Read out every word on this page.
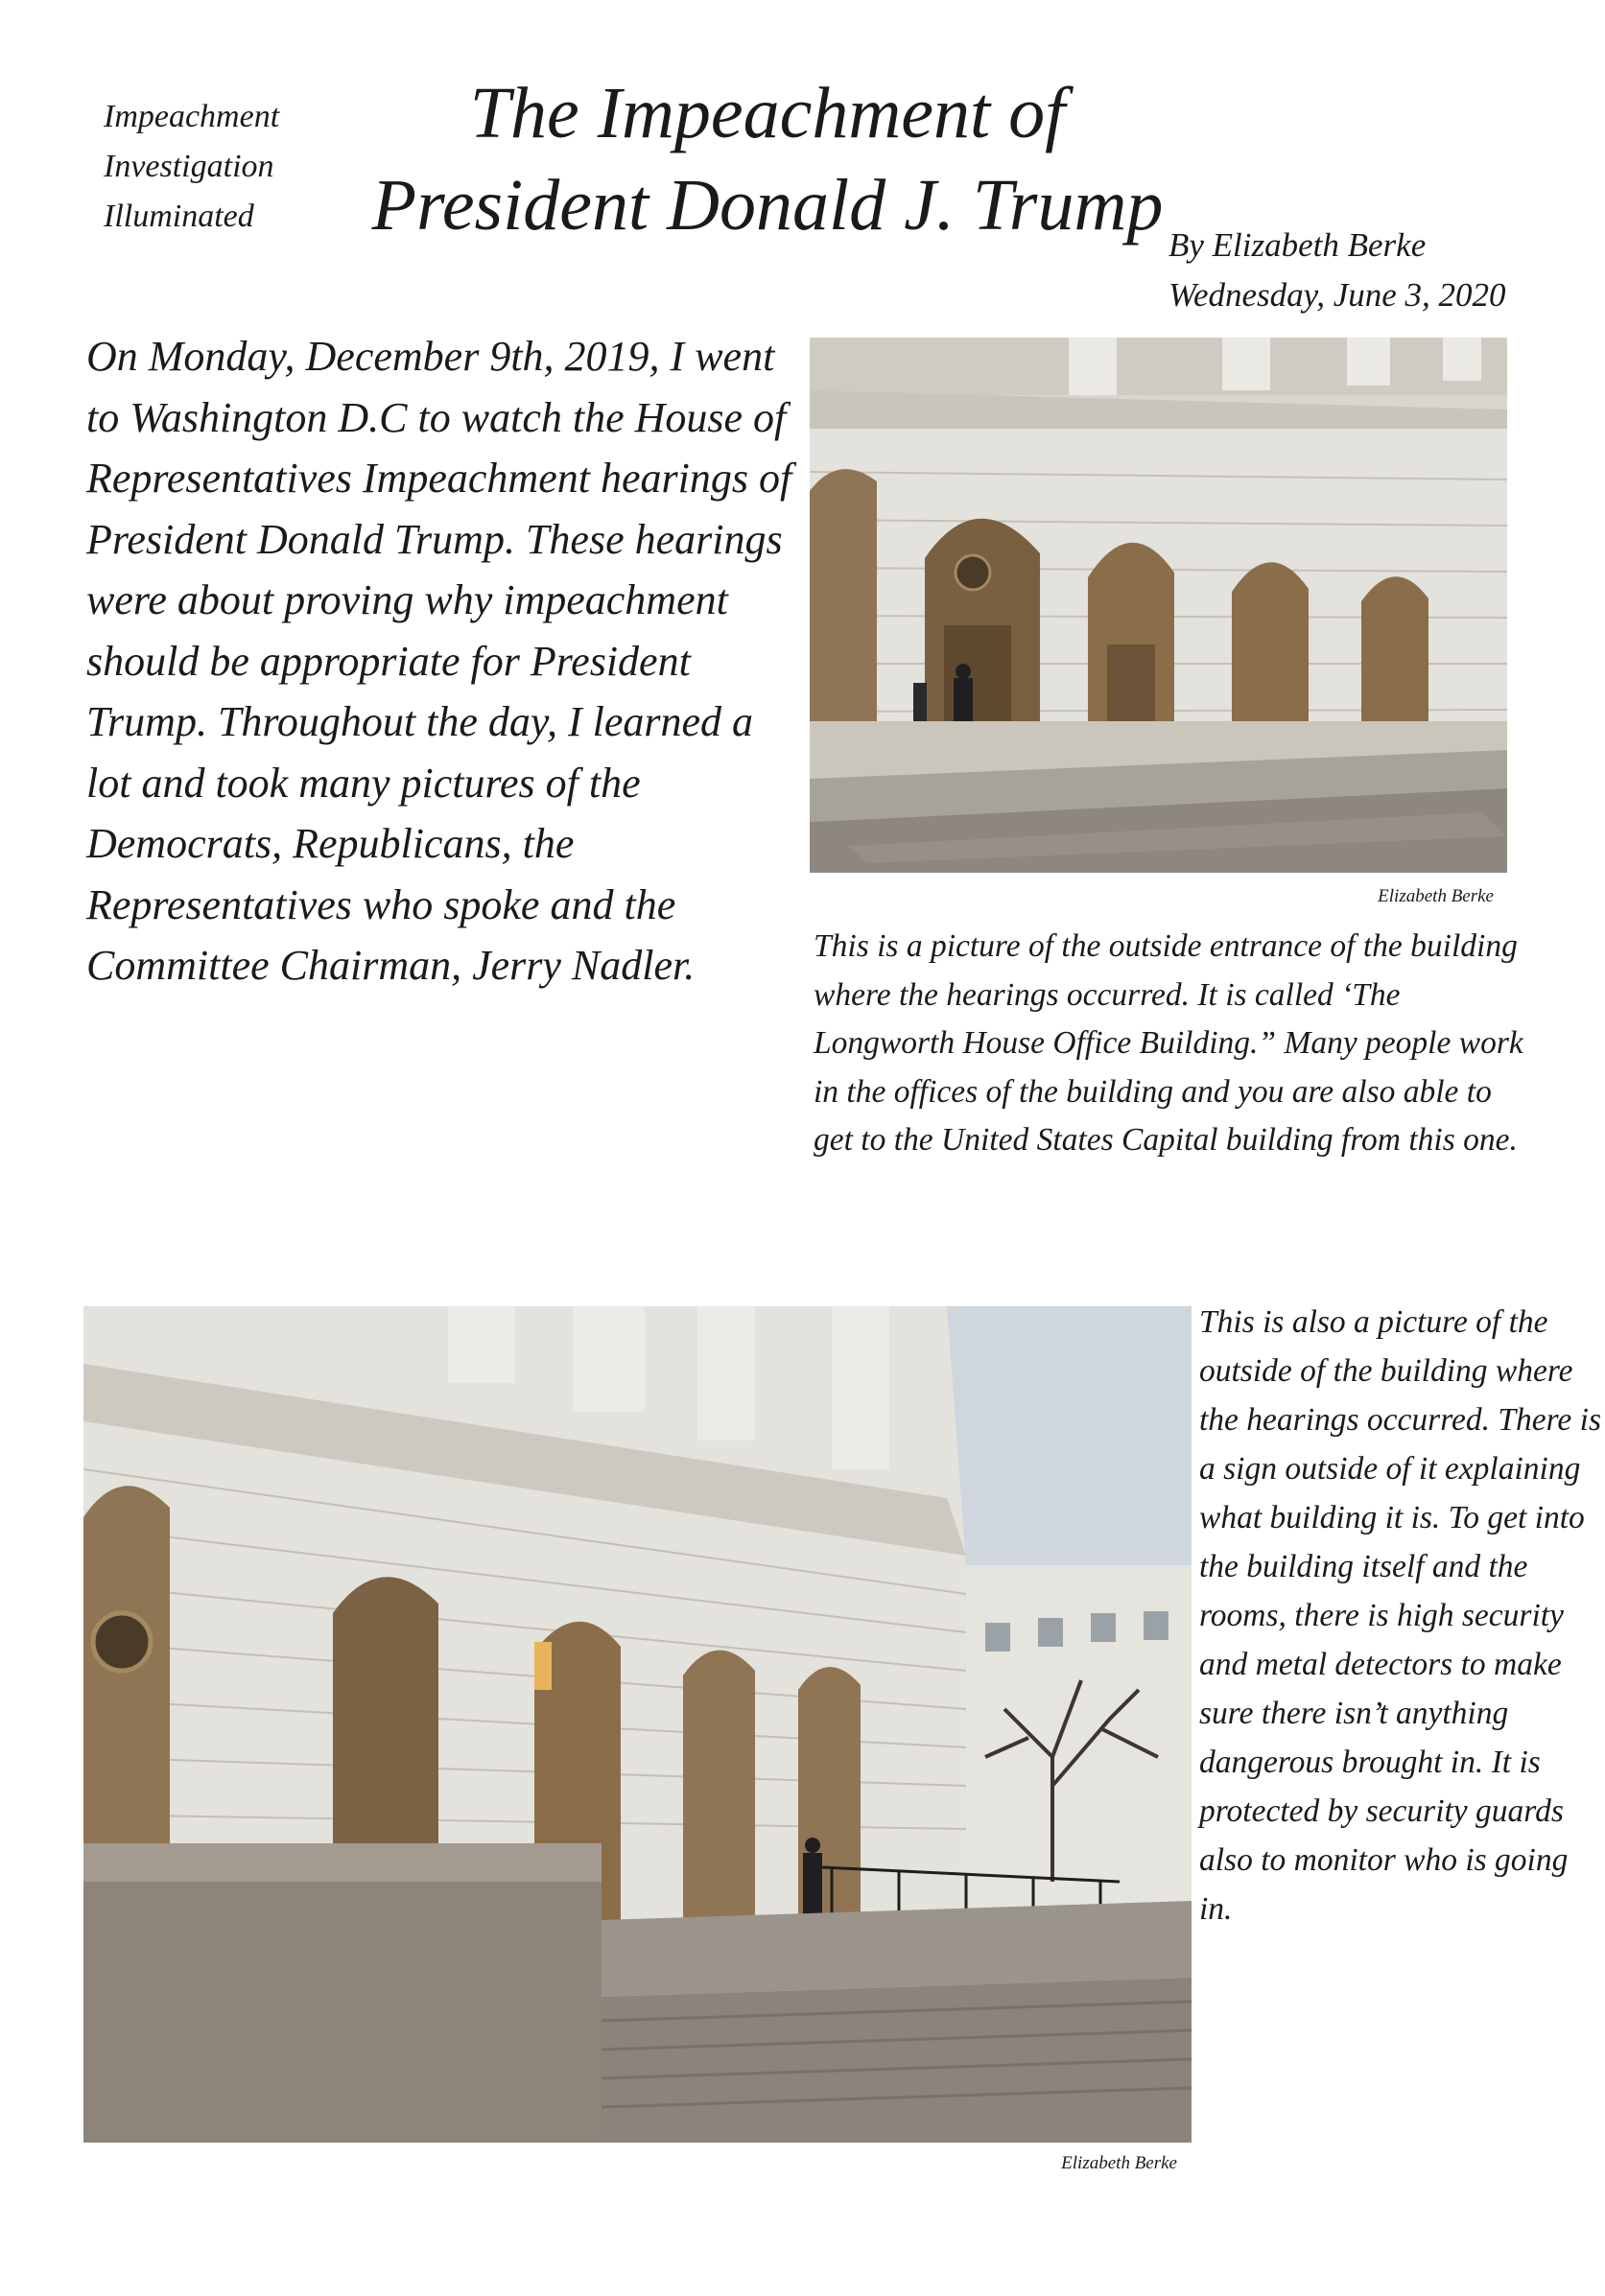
Impeachment
Investigation
Illuminated
The Impeachment of
President Donald J. Trump By Elizabeth Berke
Wednesday, June 3, 2020

On Monday, December 9th, 2019, I went to Washington D.C to watch the House of Representatives Impeachment hearings of President Donald Trump. These hearings were about proving why impeachment should be appropriate for President Trump. Throughout the day, I learned a lot and took many pictures of the Democrats, Republicans, the Representatives who spoke and the Committee Chairman, Jerry Nadler.

Elizabeth Berke

This is a picture of the outside entrance of the building where the hearings occurred. It is called ‘The Longworth House Office Building.” Many people work in the offices of the building and you are also able to get to the United States Capital building from this one.

Elizabeth Berke

This is also a picture of the outside of the building where the hearings occurred. There is a sign outside of it explaining what building it is. To get into the building itself and the rooms, there is high security and metal detectors to make sure there isn’t anything dangerous brought in. It is protected by security guards also to monitor who is going in.
